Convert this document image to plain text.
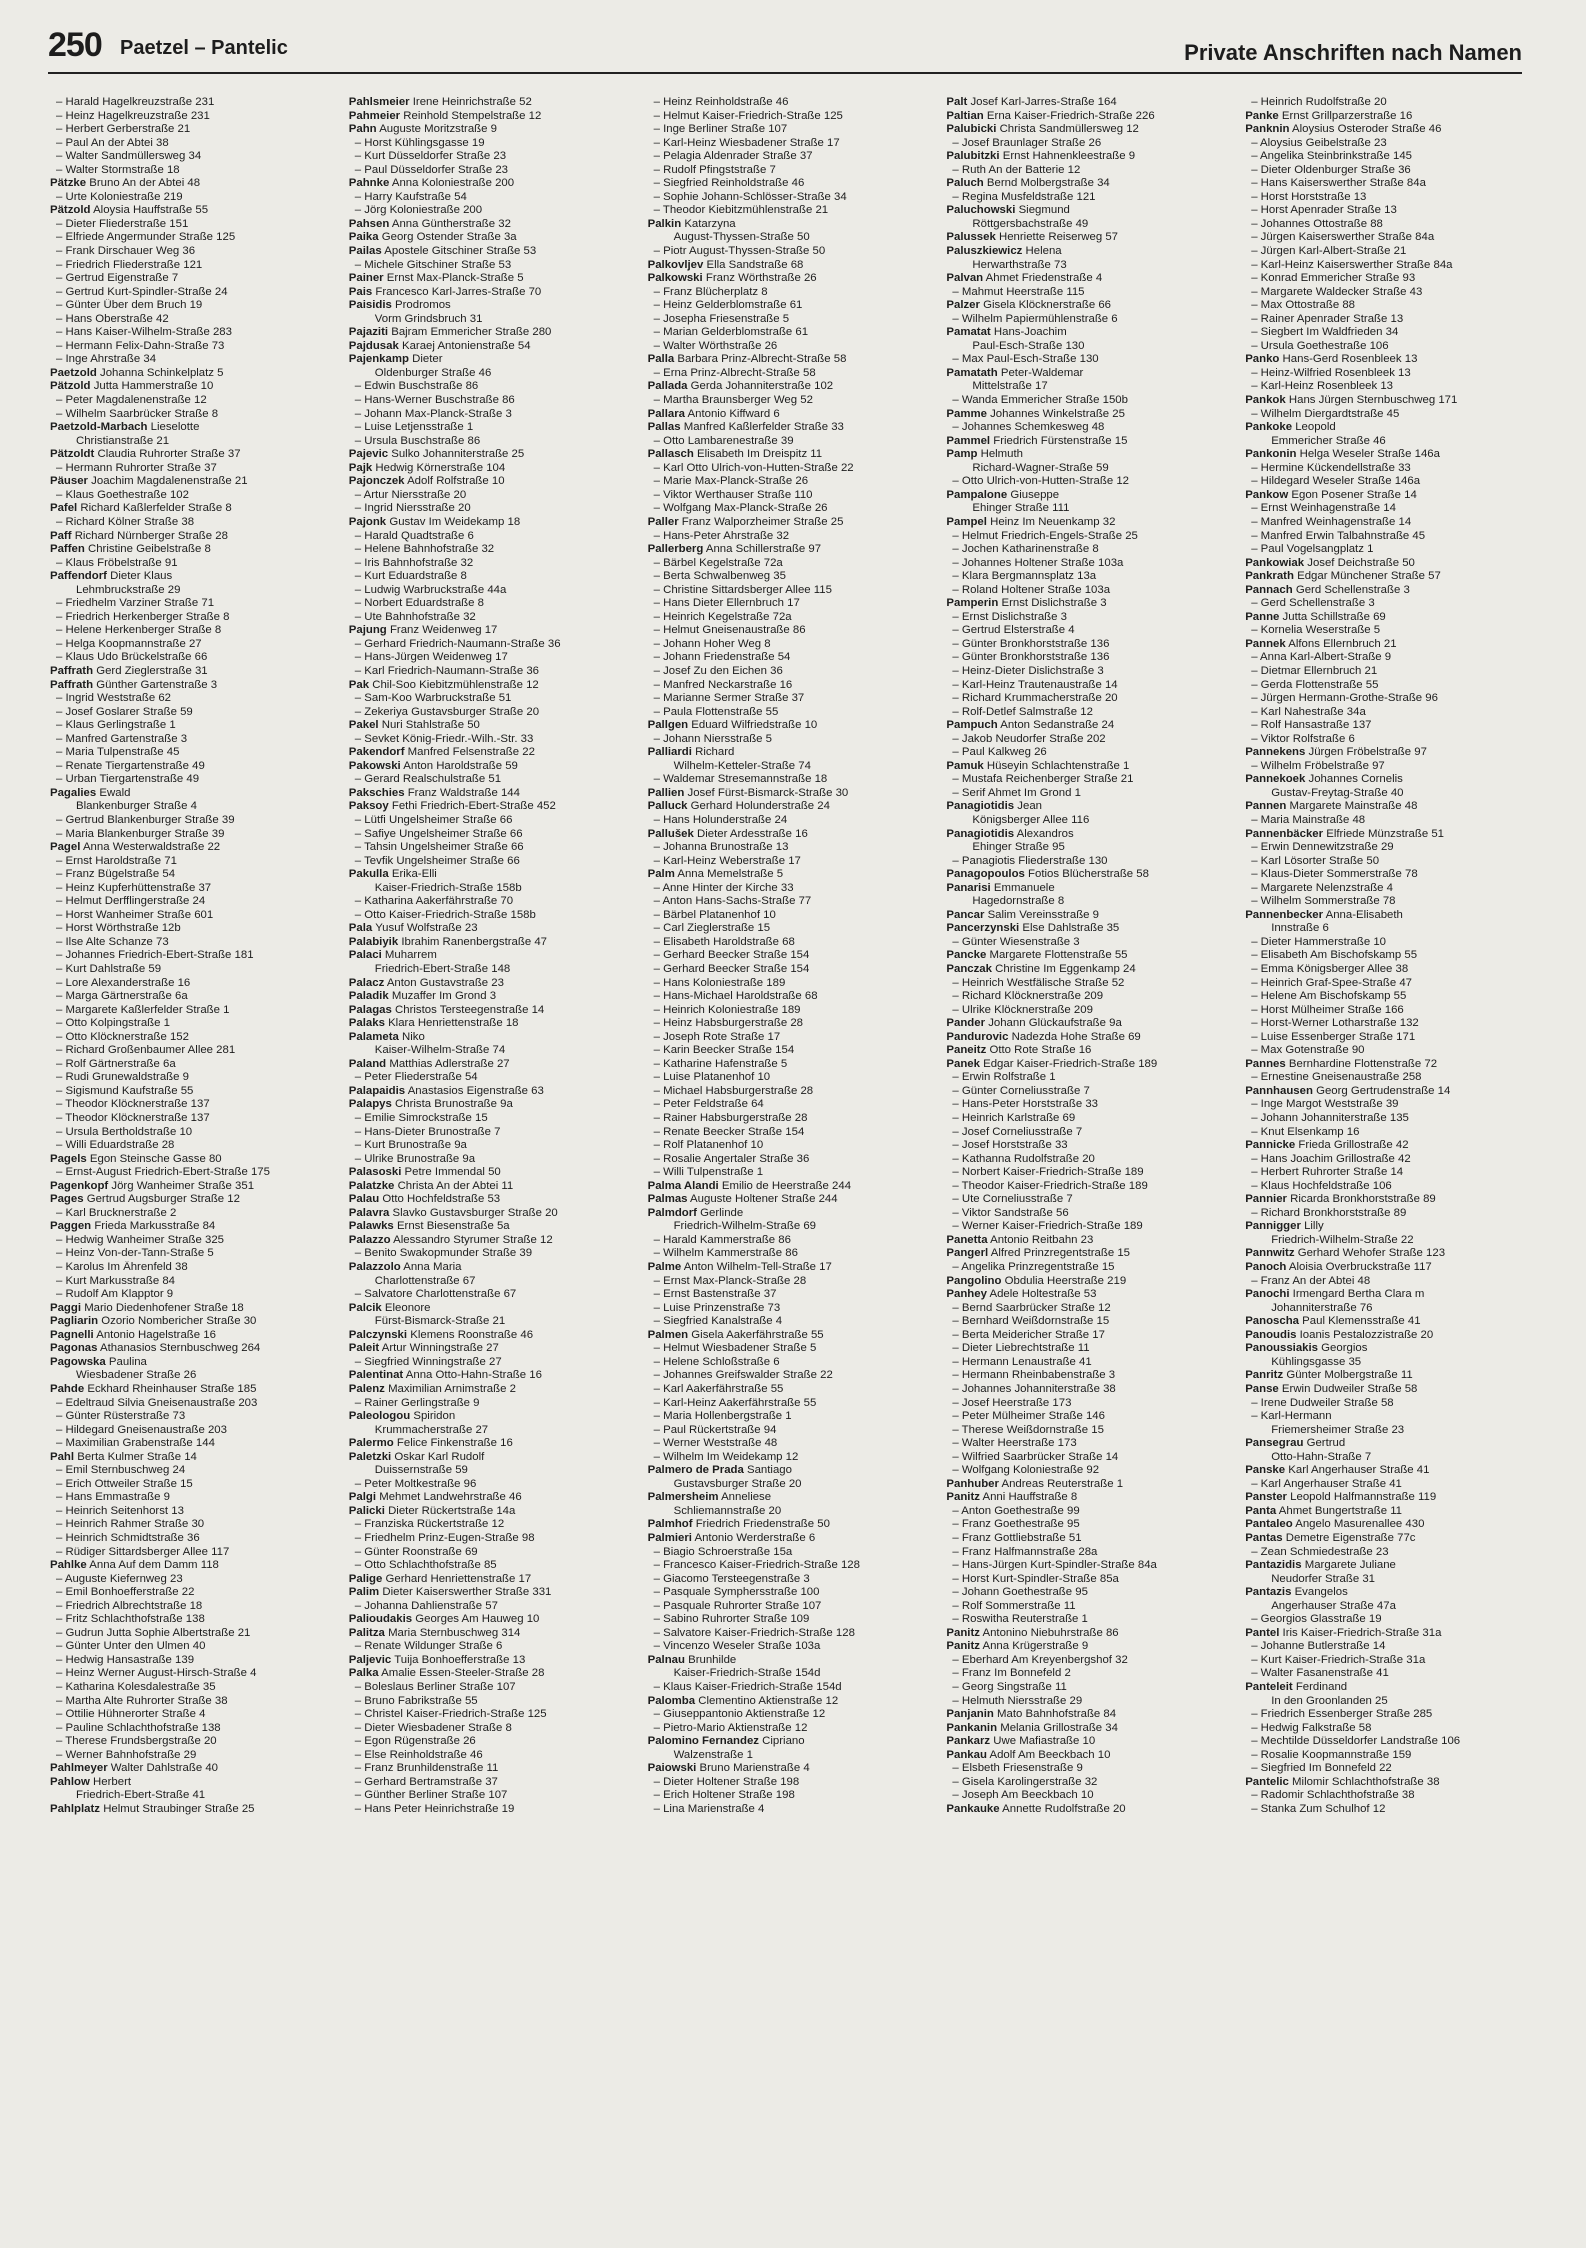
250 Paetzel – Pantelic	Private Anschriften nach Namen
– Harald Hagelkreuzstraße 231
– Heinz Hagelkreuzstraße 231
– Herbert Gerberstraße 21
– Paul An der Abtei 38
– Walter Sandmüllersweg 34
– Walter Stormstraße 18
Pätzke Bruno An der Abtei 48
– Urte Koloniestraße 219
Pätzold Aloysia Hauffstraße 55
– Dieter Fliederstraße 151
– Elfriede Angermunder Straße 125
– Frank Dirschauer Weg 36
– Friedrich Fliederstraße 121
– Gertrud Eigenstraße 7
– Gertrud Kurt-Spindler-Straße 24
– Günter Über dem Bruch 19
– Hans Oberstraße 42
– Hans Kaiser-Wilhelm-Straße 283
– Hermann Felix-Dahn-Straße 73
– Inge Ahrstraße 34
Paetzold Johanna Schinkelplatz 5
Pätzold Jutta Hammerstraße 10
– Peter Magdalenenstraße 12
– Wilhelm Saarbrücker Straße 8
Paetzold-Marbach Lieselotte
Christianstraße 21
Pätzoldt Claudia Ruhrorter Straße 37
– Hermann Ruhrorter Straße 37
Päuser Joachim Magdalenenstraße 21
– Klaus Goethestraße 102
Pafel Richard Kaßlerfelder Straße 8
– Richard Kölner Straße 38
Paff Richard Nürnberger Straße 28
Paffen Christine Geibelstraße 8
– Klaus Fröbelstraße 91
Paffendorf Dieter Klaus
Lehmbruckstraße 29
– Friedhelm Varziner Straße 71
– Friedrich Herkenberger Straße 8
– Helene Herkenberger Straße 8
– Helga Koopmannstraße 27
– Klaus Udo Brückelstraße 66
Paffrath Gerd Zieglerstraße 31
Paffrath Günther Gartenstraße 3
– Ingrid Weststraße 62
– Josef Goslarer Straße 59
– Klaus Gerlingstraße 1
– Manfred Gartenstraße 3
– Maria Tulpenstraße 45
– Renate Tiergartenstraße 49
– Urban Tiergartenstraße 49
Pagalies Ewald
Blankenburger Straße 4
– Gertrud Blankenburger Straße 39
– Maria Blankenburger Straße 39
Pagel Anna Westerwaldstraße 22
– Ernst Haroldstraße 71
– Franz Bügelstraße 54
– Heinz Kupferhüttenstraße 37
– Helmut Derfflingerstraße 24
– Horst Wanheimer Straße 601
– Horst Wörthstraße 12b
– Ilse Alte Schanze 73
– Johannes Friedrich-Ebert-Straße 181
– Kurt Dahlstraße 59
– Lore Alexanderstraße 16
– Marga Gärtnerstraße 6a
– Margarete Kaßlerfelder Straße 1
– Otto Kolpingstraße 1
– Otto Klöcknerstraße 152
– Richard Großenbaumer Allee 281
– Rolf Gärtnerstraße 6a
– Rudi Grunewaldstraße 9
– Sigismund Kaufstraße 55
– Theodor Klöcknerstraße 137
– Theodor Klöcknerstraße 137
– Ursula Bertholdstraße 10
– Willi Eduardstraße 28
Pagels Egon Steinsche Gasse 80
– Ernst-August Friedrich-Ebert-Straße 175
Pagenkopf Jörg Wanheimer Straße 351
Pages Gertrud Augsburger Straße 12
– Karl Brucknerstraße 2
Paggen Frieda Markusstraße 84
– Hedwig Wanheimer Straße 325
– Heinz Von-der-Tann-Straße 5
– Karolus Im Ährenfeld 38
– Kurt Markusstraße 84
– Rudolf Am Klapptor 9
Paggi Mario Diedenhofener Straße 18
Pagliarin Ozorio Nombericher Straße 30
Pagnelli Antonio Hagelstraße 16
Pagonas Athanasios Sternbuschweg 264
Pagowska Paulina
Wiesbadener Straße 26
Pahde Eckhard Rheinhauser Straße 185
– Edeltraud Silvia Gneisenaustraße 203
– Günter Rüsterstraße 73
– Hildegard Gneisenaustraße 203
– Maximilian Grabenstraße 144
Pahl Berta Kulmer Straße 14
– Emil Sternbuschweg 24
– Erich Ottweiler Straße 15
– Hans Emmastraße 9
– Heinrich Seitenhorst 13
– Heinrich Rahmer Straße 30
– Heinrich Schmidtstraße 36
– Rüdiger Sittardsberger Allee 117
Pahlke Anna Auf dem Damm 118
– Auguste Kiefernweg 23
– Emil Bonhoefferstraße 22
– Friedrich Albrechtstraße 18
– Fritz Schlachthofstraße 138
– Gudrun Jutta Sophie Albertstraße 21
– Günter Unter den Ulmen 40
– Hedwig Hansastraße 139
– Heinz Werner August-Hirsch-Straße 4
– Katharina Kolesdalestraße 35
– Martha Alte Ruhrorter Straße 38
– Ottilie Hühnerorter Straße 4
– Pauline Schlachthofstraße 138
– Therese Frundsbergstraße 20
– Werner Bahnhofstraße 29
Pahlmeyer Walter Dahlstraße 40
Pahlow Herbert
Friedrich-Ebert-Straße 41
Pahlplatz Helmut Straubinger Straße 25
Pahlsmeier Irene Heinrichstraße 52
Pahmeier Reinhold Stempelstraße 12
Pahn Auguste Moritzstraße 9
– Horst Kühlingsgasse 19
– Kurt Düsseldorfer Straße 23
– Paul Düsseldorfer Straße 23
Pahnke Anna Koloniestraße 200
– Harry Kaufstraße 54
– Jörg Koloniestraße 200
Pahsen Anna Güntherstraße 32
Paika Georg Ostender Straße 3a
Pailas Apostele Gitschiner Straße 53
– Michele Gitschiner Straße 53
Painer Ernst Max-Planck-Straße 5
Pais Francesco Karl-Jarres-Straße 70
Paisidis Prodromos
Vorm Grindsbruch 31
Pajaziti Bajram Emmericher Straße 280
Pajdusak Karaej Antonienstraße 54
Pajenkamp Dieter
Oldenburger Straße 46
– Edwin Buschstraße 86
– Hans-Werner Buschstraße 86
– Johann Max-Planck-Straße 3
– Luise Letjensstraße 1
– Ursula Buschstraße 86
Pajevic Sulko Johanniterstraße 25
Pajk Hedwig Körnerstraße 104
Pajonczek Adolf Rolfstraße 10
– Artur Niersstraße 20
– Ingrid Niersstraße 20
Pajonk Gustav Im Weidekamp 18
– Harald Quadtstraße 6
– Helene Bahnhofstraße 32
– Iris Bahnhofstraße 32
– Kurt Eduardstraße 8
– Ludwig Warbruckstraße 44a
– Norbert Eduardstraße 8
– Ute Bahnhofstraße 32
Pajung Franz Weidenweg 17
– Gerhard Friedrich-Naumann-Straße 36
– Hans-Jürgen Weidenweg 17
– Karl Friedrich-Naumann-Straße 36
Pak Chil-Soo Kiebitzmühlenstraße 12
– Sam-Koo Warbruckstraße 51
– Zekeriya Gustavsburger Straße 20
Pakel Nuri Stahlstraße 50
– Sevket König-Friedr.-Wilh.-Str. 33
Pakendorf Manfred Felsenstraße 22
Pakowski Anton Haroldstraße 59
– Gerard Realschulstraße 51
Pakschies Franz Waldstraße 144
Paksoy Fethi Friedrich-Ebert-Straße 452
– Lütfi Ungelsheimer Straße 66
– Safiye Ungelsheimer Straße 66
– Tahsin Ungelsheimer Straße 66
– Tevfik Ungelsheimer Straße 66
Pakulla Erika-Elli
Kaiser-Friedrich-Straße 158b
– Katharina Aakerfährstraße 70
– Otto Kaiser-Friedrich-Straße 158b
Pala Yusuf Wolfstraße 23
Palabiyik Ibrahim Ranenbergstraße 47
Palaci Muharrem
Friedrich-Ebert-Straße 148
Palacz Anton Gustavstraße 23
Paladik Muzaffer Im Grond 3
Palagas Christos Tersteegenstraße 14
Palaks Klara Henriettenstraße 18
Palameta Niko
Kaiser-Wilhelm-Straße 74
Paland Matthias Adlerstraße 27
– Peter Fliederstraße 54
Palapaidis Anastasios Eigenstraße 63
Palapys Christa Brunostraße 9a
– Emilie Simrockstraße 15
– Hans-Dieter Brunostraße 7
– Kurt Brunostraße 9a
– Ulrike Brunostraße 9a
Palasoski Petre Immendal 50
Palatzke Christa An der Abtei 11
Palau Otto Hochfeldstraße 53
Palavra Slavko Gustavsburger Straße 20
Palawks Ernst Biesenstraße 5a
Palazzo Alessandro Styrumer Straße 12
– Benito Swakopmunder Straße 39
Palazzolo Anna Maria
Charlottenstraße 67
– Salvatore Charlottenstraße 67
Palcik Eleonore
Fürst-Bismarck-Straße 21
Palczynski Klemens Roonstraße 46
Paleit Artur Winningstraße 27
– Siegfried Winningstraße 27
Palentinat Anna Otto-Hahn-Straße 16
Palenz Maximilian Arnimstraße 2
– Rainer Gerlingstraße 9
Paleologou Spiridon
Krummacherstraße 27
Palermo Felice Finkenstraße 16
Paletzki Oskar Karl Rudolf
Duissernstraße 59
– Peter Moltkestraße 96
Palgi Mehmet Landwehrstraße 46
Palicki Dieter Rückertstraße 14a
– Franziska Rückertstraße 12
– Friedhelm Prinz-Eugen-Straße 98
– Günter Roonstraße 69
– Otto Schlachthofstraße 85
Palige Gerhard Henriettenstraße 17
Palim Dieter Kaiserswerther Straße 331
– Johanna Dahlienstraße 57
Palioudakis Georges Am Hauweg 10
Palitza Maria Sternbuschweg 314
– Renate Wildunger Straße 6
Paljevic Tuija Bonhoefferstraße 13
Palka Amalie Essen-Steeler-Straße 28
– Boleslaus Berliner Straße 107
– Bruno Fabrikstraße 55
– Christel Kaiser-Friedrich-Straße 125
– Dieter Wiesbadener Straße 8
– Egon Rügenstraße 26
– Else Reinholdstraße 46
– Franz Brunhildenstraße 11
– Gerhard Bertramstraße 37
– Günther Berliner Straße 107
– Hans Peter Heinrichstraße 19
– Heinz Reinholdstraße 46
– Helmut Kaiser-Friedrich-Straße 125
– Inge Berliner Straße 107
– Karl-Heinz Wiesbadener Straße 17
– Pelagia Aldenrader Straße 37
– Rudolf Pfingststraße 7
– Siegfried Reinholdstraße 46
– Sophie Johann-Schlösser-Straße 34
– Theodor Kiebitzmühlenstraße 21
Palkin Katarzyna
August-Thyssen-Straße 50
– Piotr August-Thyssen-Straße 50
Palkovljev Ella Sandstraße 68
Palkowski Franz Wörthstraße 26
– Franz Blücherplatz 8
– Heinz Gelderblomstraße 61
– Josepha Friesenstraße 5
– Marian Gelderblomstraße 61
– Walter Wörthstraße 26
Palla Barbara Prinz-Albrecht-Straße 58
– Erna Prinz-Albrecht-Straße 58
Pallada Gerda Johanniterstraße 102
– Martha Braunsberger Weg 52
Pallara Antonio Kiffward 6
Pallas Manfred Kaßlerfelder Straße 33
– Otto Lambarenestraße 39
Pallasch Elisabeth Im Dreispitz 11
– Karl Otto Ulrich-von-Hutten-Straße 22
– Marie Max-Planck-Straße 26
– Viktor Werthauser Straße 110
– Wolfgang Max-Planck-Straße 26
Paller Franz Walporzheimer Straße 25
– Hans-Peter Ahrstraße 32
Pallerberg Anna Schillerstraße 97
– Bärbel Kegelstraße 72a
– Berta Schwalbenweg 35
– Christine Sittardsberger Allee 115
– Hans Dieter Ellernbruch 17
– Heinrich Kegelstraße 72a
– Helmut Gneisenaustraße 86
– Johann Hoher Weg 8
– Johann Friedenstraße 54
– Josef Zu den Eichen 36
– Manfred Neckarstraße 16
– Marianne Sermer Straße 37
– Paula Flottenstraße 55
Pallgen Eduard Wilfriedstraße 10
– Johann Niersstraße 5
Palliardi Richard
Wilhelm-Ketteler-Straße 74
– Waldemar Stresemannstraße 18
Pallien Josef Fürst-Bismarck-Straße 30
Palluck Gerhard Holunderstraße 24
– Hans Holunderstraße 24
Pallušek Dieter Ardesstraße 16
– Johanna Brunostraße 13
– Karl-Heinz Weberstraße 17
Palm Anna Memelstraße 5
– Anne Hinter der Kirche 33
– Anton Hans-Sachs-Straße 77
– Bärbel Platanenhof 10
– Carl Zieglerstraße 15
– Elisabeth Haroldstraße 68
– Gerhard Beecker Straße 154
– Gerhard Beecker Straße 154
– Hans Koloniestraße 189
– Hans-Michael Haroldstraße 68
– Heinrich Koloniestraße 189
– Heinz Habsburgerstraße 28
– Joseph Rote Straße 17
– Karin Beecker Straße 154
– Katharine Hafenstraße 5
– Luise Platanenhof 10
– Michael Habsburgerstraße 28
– Peter Feldstraße 64
– Rainer Habsburgerstraße 28
– Renate Beecker Straße 154
– Rolf Platanenhof 10
– Rosalie Angertaler Straße 36
– Willi Tulpenstraße 1
Palma Alandi Emilio de Heerstraße 244
Palmas Auguste Holtener Straße 244
Palmdorf Gerlinde
Friedrich-Wilhelm-Straße 69
– Harald Kammerstraße 86
– Wilhelm Kammerstraße 86
Palme Anton Wilhelm-Tell-Straße 17
– Ernst Max-Planck-Straße 28
– Ernst Bastenstraße 37
– Luise Prinzenstraße 73
– Siegfried Kanalstraße 4
Palmen Gisela Aakerfährstraße 55
– Helmut Wiesbadener Straße 5
– Helene Schloßstraße 6
– Johannes Greifswalder Straße 22
– Karl Aakerfährstraße 55
– Karl-Heinz Aakerfährstraße 55
– Maria Hollenbergstraße 1
– Paul Rückertstraße 94
– Werner Weststraße 48
– Wilhelm Im Weidekamp 12
Palmero de Prada Santiago
Gustavsburger Straße 20
Palmersheim Anneliese
Schliemannstraße 20
Palmhof Friedrich Friedenstraße 50
Palmieri Antonio Werderstraße 6
– Biagio Schroerstraße 15a
– Francesco Kaiser-Friedrich-Straße 128
– Giacomo Tersteegenstraße 3
– Pasquale Symphersstraße 100
– Pasquale Ruhrorter Straße 107
– Sabino Ruhrorter Straße 109
– Salvatore Kaiser-Friedrich-Straße 128
– Vincenzo Weseler Straße 103a
Palnau Brunhilde
Kaiser-Friedrich-Straße 154d
– Klaus Kaiser-Friedrich-Straße 154d
Palomba Clementino Aktienstraße 12
– Giuseppantonio Aktienstraße 12
– Pietro-Mario Aktienstraße 12
Palomino Fernandez Cipriano
Walzenstraße 1
Paiowski Bruno Marienstraße 4
– Dieter Holtener Straße 198
– Erich Holtener Straße 198
– Lina Marienstraße 4
Palt Josef Karl-Jarres-Straße 164
Paltian Erna Kaiser-Friedrich-Straße 226
Palubicki Christa Sandmüllersweg 12
– Josef Braunlager Straße 26
Palubitzki Ernst Hahnenkleestraße 9
– Ruth An der Batterie 12
Paluch Bernd Molbergstraße 34
– Regina Musfeldstraße 121
Paluchowski Siegmund
Röttgersbachstraße 49
Palussek Henriette Reiserweg 57
Paluszkiewicz Helena
Herwarthstraße 73
Palvan Ahmet Friedenstraße 4
– Mahmut Heerstraße 115
Palzer Gisela Klöcknerstraße 66
– Wilhelm Papiermühlenstraße 6
Pamatat Hans-Joachim
Paul-Esch-Straße 130
– Max Paul-Esch-Straße 130
Pamatath Peter-Waldemar
Mittelstraße 17
– Wanda Emmericher Straße 150b
Pamme Johannes Winkelstraße 25
– Johannes Schemkesweg 48
Pammel Friedrich Fürstenstraße 15
Pamp Helmuth
Richard-Wagner-Straße 59
– Otto Ulrich-von-Hutten-Straße 12
Pampalone Giuseppe
Ehinger Straße 111
Pampel Heinz Im Neuenkamp 32
– Helmut Friedrich-Engels-Straße 25
– Jochen Katharinenstraße 8
– Johannes Holtener Straße 103a
– Klara Bergmannsplatz 13a
– Roland Holtener Straße 103a
Pamperin Ernst Dislichstraße 3
– Ernst Dislichstraße 3
– Gertrud Elsterstraße 4
– Günter Bronkhorststraße 136
– Günter Bronkhorststraße 136
– Heinz-Dieter Dislichstraße 3
– Karl-Heinz Trautenaustraße 14
– Richard Krummacherstraße 20
– Rolf-Detlef Salmstraße 12
Pampuch Anton Sedanstraße 24
– Jakob Neudorfer Straße 202
– Paul Kalkweg 26
Pamuk Hüseyin Schlachtenstraße 1
– Mustafa Reichenberger Straße 21
– Serif Ahmet Im Grond 1
Panagiotidis Jean
Königsberger Allee 116
Panagiotidis Alexandros
Ehinger Straße 95
– Panagiotis Fliederstraße 130
Panagopoulos Fotios Blücherstraße 58
Panarisi Emmanuele
Hagedornstraße 8
Pancar Salim Vereinsstraße 9
Pancerzynski Else Dahlstraße 35
– Günter Wiesenstraße 3
Pancke Margarete Flottenstraße 55
Panczak Christine Im Eggenkamp 24
– Heinrich Westfälische Straße 52
– Richard Klöcknerstraße 209
– Ulrike Klöcknerstraße 209
Pander Johann Glückaufstraße 9a
Pandurovic Nadezda Hohe Straße 69
Paneitz Otto Rote Straße 16
Panek Edgar Kaiser-Friedrich-Straße 189
– Erwin Rolfstraße 1
– Günter Corneliusstraße 7
– Hans-Peter Horststraße 33
– Heinrich Karlstraße 69
– Josef Corneliusstraße 7
– Josef Horststraße 33
– Kathanna Rudolfstraße 20
– Norbert Kaiser-Friedrich-Straße 189
– Theodor Kaiser-Friedrich-Straße 189
– Ute Corneliusstraße 7
– Viktor Sandstraße 56
– Werner Kaiser-Friedrich-Straße 189
Panetta Antonio Reitbahn 23
Pangerl Alfred Prinzregentstraße 15
– Angelika Prinzregentstraße 15
Pangolino Obdulia Heerstraße 219
Panhey Adele Holtestraße 53
– Bernd Saarbrücker Straße 12
– Bernhard Weißdornstraße 15
– Berta Meidericher Straße 17
– Dieter Liebrechtstraße 11
– Hermann Lenaustraße 41
– Hermann Rheinbabenstraße 3
– Johannes Johanniterstraße 38
– Josef Heerstraße 173
– Peter Mülheimer Straße 146
– Therese Weißdornstraße 15
– Walter Heerstraße 173
– Wilfried Saarbrücker Straße 14
– Wolfgang Koloniestraße 92
Panhuber Andreas Reuterstraße 1
Panitz Anni Hauffstraße 8
– Anton Goethestraße 99
– Franz Goethestraße 95
– Franz Gottliebstraße 51
– Franz Halfmannstraße 28a
– Hans-Jürgen Kurt-Spindler-Straße 84a
– Horst Kurt-Spindler-Straße 85a
– Johann Goethestraße 95
– Rolf Sommerstraße 11
– Roswitha Reuterstraße 1
Panitz Antonino Niebuhrstraße 86
Panitz Anna Krügerstraße 9
– Eberhard Am Kreyenbergshof 32
– Franz Im Bonnefeld 2
– Georg Singstraße 11
– Helmuth Niersstraße 29
Panjanin Mato Bahnhofstraße 84
Pankanin Melania Grillostraße 34
Pankarz Uwe Mafiastraße 10
Pankau Adolf Am Beeckbach 10
– Elsbeth Friesenstraße 9
– Gisela Karolingerstraße 32
– Joseph Am Beeckbach 10
Pankauke Annette Rudolfstraße 20
– Heinrich Rudolfstraße 20
Panke Ernst Grillparzerstraße 16
Panknin Aloysius Osteroder Straße 46
– Aloysius Geibelstraße 23
– Angelika Steinbrinkstraße 145
– Dieter Oldenburger Straße 36
– Hans Kaiserswerther Straße 84a
– Horst Horststraße 13
– Horst Apenrader Straße 13
– Johannes Ottostraße 88
– Jürgen Kaiserswerther Straße 84a
– Jürgen Karl-Albert-Straße 21
– Karl-Heinz Kaiserswerther Straße 84a
– Konrad Emmericher Straße 93
– Margarete Waldecker Straße 43
– Max Ottostraße 88
– Rainer Apenrader Straße 13
– Siegbert Im Waldfrieden 34
– Ursula Goethestraße 106
Panko Hans-Gerd Rosenbleek 13
– Heinz-Wilfried Rosenbleek 13
– Karl-Heinz Rosenbleek 13
Pankok Hans Jürgen Sternbuschweg 171
– Wilhelm Diergardtstraße 45
Pankoke Leopold
Emmericher Straße 46
Pankonin Helga Weseler Straße 146a
– Hermine Kückendellstraße 33
– Hildegard Weseler Straße 146a
Pankow Egon Posener Straße 14
– Ernst Weinhagenstraße 14
– Manfred Weinhagenstraße 14
– Manfred Erwin Talbahnstraße 45
– Paul Vogelsangplatz 1
Pankowiak Josef Deichstraße 50
Pankrath Edgar Münchener Straße 57
Pannach Gerd Schellenstraße 3
– Gerd Schellenstraße 3
Panne Jutta Schillstraße 69
– Kornelia Weserstraße 5
Pannek Alfons Ellernbruch 21
– Anna Karl-Albert-Straße 9
– Dietmar Ellernbruch 21
– Gerda Flottenstraße 55
– Jürgen Hermann-Grothe-Straße 96
– Karl Nahestraße 34a
– Rolf Hansastraße 137
– Viktor Rolfstraße 6
Pannekens Jürgen Fröbelstraße 97
– Wilhelm Fröbelstraße 97
Pannekoek Johannes Cornelis
Gustav-Freytag-Straße 40
Pannen Margarete Mainstraße 48
– Maria Mainstraße 48
Pannenbäcker Elfriede Münzstraße 51
– Erwin Dennewitzstraße 29
– Karl Lösorter Straße 50
– Klaus-Dieter Sommerstraße 78
– Margarete Nelenzstraße 4
– Wilhelm Sommerstraße 78
Pannenbecker Anna-Elisabeth
Innstraße 6
– Dieter Hammerstraße 10
– Elisabeth Am Bischofskamp 55
– Emma Königsberger Allee 38
– Heinrich Graf-Spee-Straße 47
– Helene Am Bischofskamp 55
– Horst Mülheimer Straße 166
– Horst-Werner Lotharstraße 132
– Luise Essenberger Straße 171
– Max Gotenstraße 90
Pannes Bernhardine Flottenstraße 72
– Ernestine Gneisenaustraße 258
Pannhausen Georg Gertrudenstraße 14
– Inge Margot Weststraße 39
– Johann Johanniterstraße 135
– Knut Elsenkamp 16
Pannicke Frieda Grillostraße 42
– Hans Joachim Grillostraße 42
– Herbert Ruhrorter Straße 14
– Klaus Hochfeldstraße 106
Pannier Ricarda Bronkhorststraße 89
– Richard Bronkhorststraße 89
Pannigger Lilly
Friedrich-Wilhelm-Straße 22
Pannwitz Gerhard Wehofer Straße 123
Panoch Aloisia Overbruckstraße 117
– Franz An der Abtei 48
Panochi Irmengard Bertha Clara m
Johanniterstraße 76
Panoscha Paul Klemensstraße 41
Panoudis Ioanis Pestalozzistraße 20
Panoussiakis Georgios
Kühlingsgasse 35
Panritz Günter Molbergstraße 11
Panse Erwin Dudweiler Straße 58
– Irene Dudweiler Straße 58
– Karl-Hermann
Friemersheimer Straße 23
Pansegrau Gertrud
Otto-Hahn-Straße 7
Panske Karl Angerhauser Straße 41
– Karl Angerhauser Straße 41
Panster Leopold Halfmannstraße 119
Panta Ahmet Bungertstraße 11
Pantaleo Angelo Masurenallee 430
Pantas Demetre Eigenstraße 77c
– Zean Schmiedestraße 23
Pantazidis Margarete Juliane
Neudorfer Straße 31
Pantazis Evangelos
Angerhauser Straße 47a
– Georgios Glasstraße 19
Pantel Iris Kaiser-Friedrich-Straße 31a
– Johanne Butlerstraße 14
– Kurt Kaiser-Friedrich-Straße 31a
– Walter Fasanenstraße 41
Panteleit Ferdinand
In den Groonlanden 25
– Friedrich Essenberger Straße 285
– Hedwig Falkstraße 58
– Mechtilde Düsseldorfer Landstraße 106
– Rosalie Koopmannstraße 159
– Siegfried Im Bonnefeld 22
Pantelic Milomir Schlachthofstraße 38
– Radomir Schlachthofstraße 38
– Stanka Zum Schulhof 12
